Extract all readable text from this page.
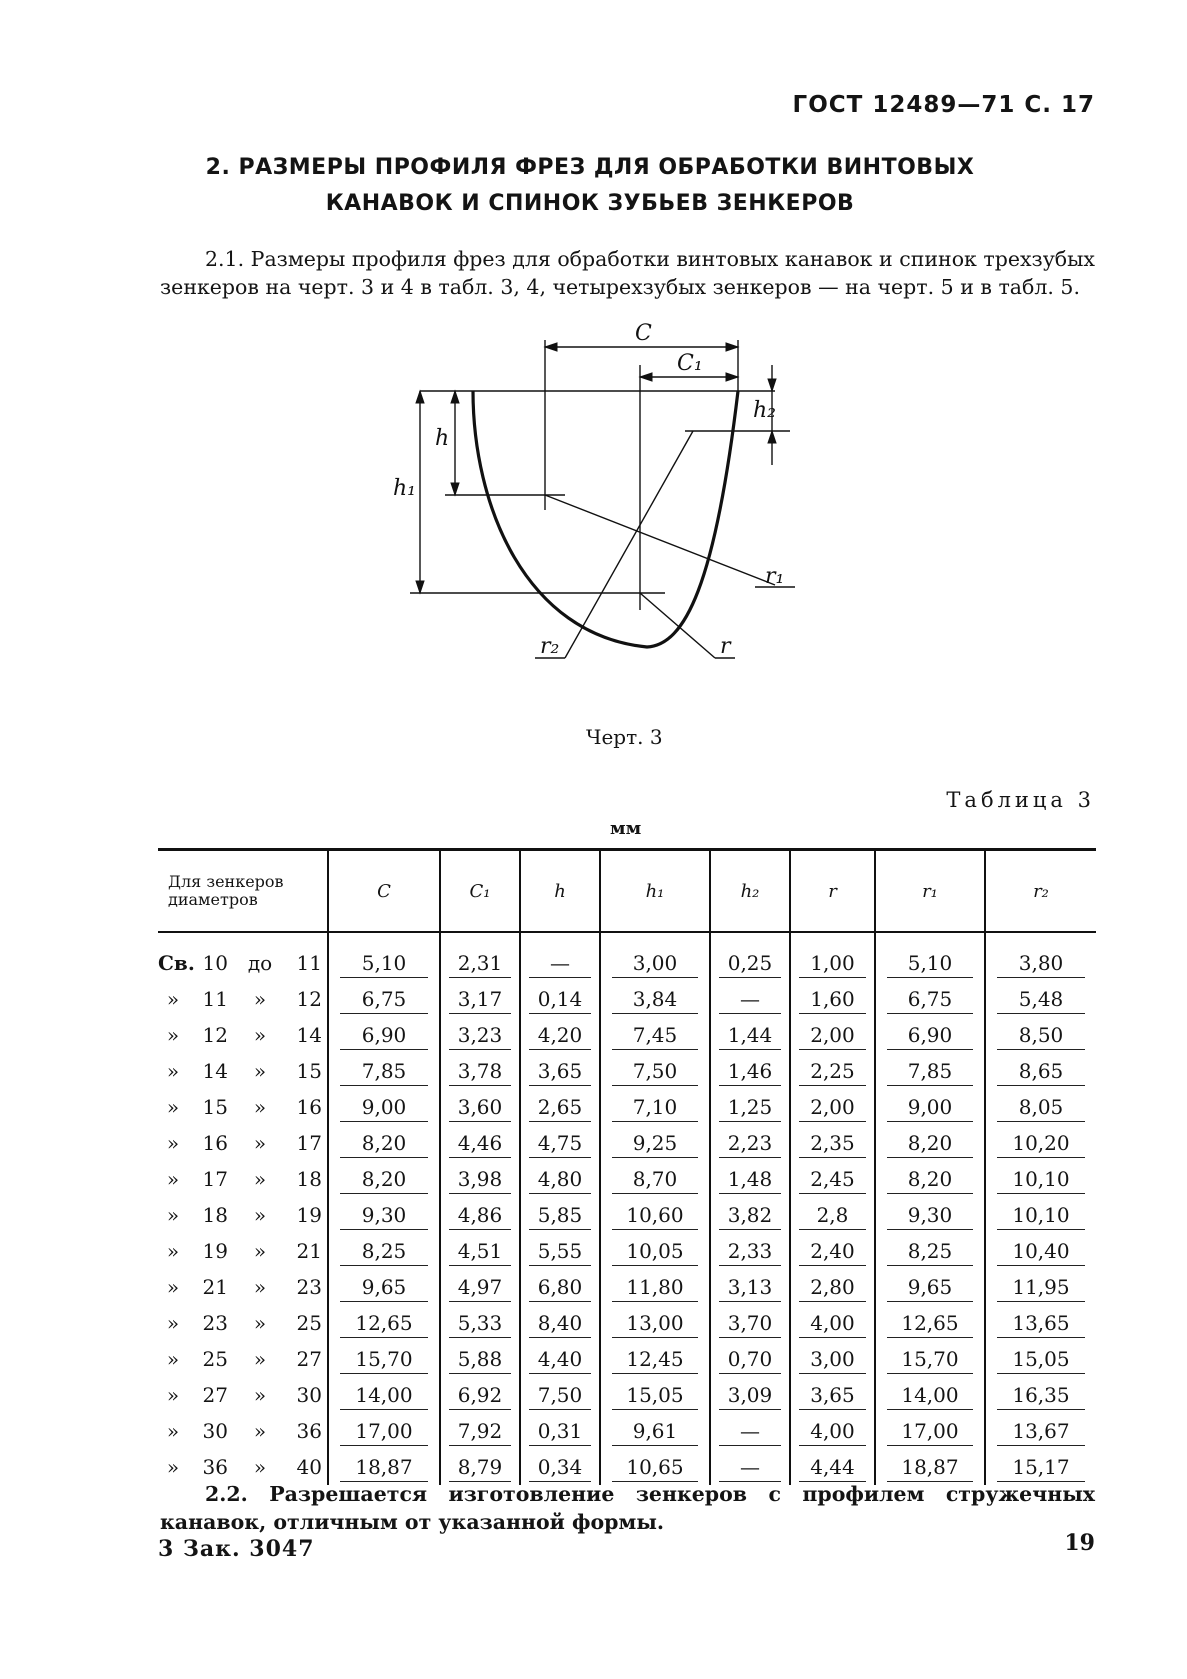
ГОСТ 12489—71 С. 17
2. РАЗМЕРЫ ПРОФИЛЯ ФРЕЗ ДЛЯ ОБРАБОТКИ ВИНТОВЫХ
КАНАВОК И СПИНОК ЗУБЬЕВ ЗЕНКЕРОВ

2.1. Размеры профиля фрез для обработки винтовых канавок и спинок трехзубых зенкеров на черт. 3 и 4 в табл. 3, 4, четырехзубых зенкеров — на черт. 5 и в табл. 5.

C
C₁
h
h₁
h₂
r
r₁
r₂
Черт. 3
Таблица 3
мм
Для зенкеров
диаметров	C	C₁	h	h₁	h₂	r	r₁	r₂

Св. 10 до 11	5,10	2,31	—	3,00	0,25	1,00	5,10	3,80

» 11 » 12	6,75	3,17	0,14	3,84	—	1,60	6,75	5,48

» 12 » 14	6,90	3,23	4,20	7,45	1,44	2,00	6,90	8,50

» 14 » 15	7,85	3,78	3,65	7,50	1,46	2,25	7,85	8,65

» 15 » 16	9,00	3,60	2,65	7,10	1,25	2,00	9,00	8,05

» 16 » 17	8,20	4,46	4,75	9,25	2,23	2,35	8,20	10,20

» 17 » 18	8,20	3,98	4,80	8,70	1,48	2,45	8,20	10,10

» 18 » 19	9,30	4,86	5,85	10,60	3,82	2,8	9,30	10,10

» 19 » 21	8,25	4,51	5,55	10,05	2,33	2,40	8,25	10,40

» 21 » 23	9,65	4,97	6,80	11,80	3,13	2,80	9,65	11,95

» 23 » 25	12,65	5,33	8,40	13,00	3,70	4,00	12,65	13,65

» 25 » 27	15,70	5,88	4,40	12,45	0,70	3,00	15,70	15,05

» 27 » 30	14,00	6,92	7,50	15,05	3,09	3,65	14,00	16,35

» 30 » 36	17,00	7,92	0,31	9,61	—	4,00	17,00	13,67

» 36 » 40	18,87	8,79	0,34	10,65	—	4,44	18,87	15,17

2.2. Разрешается изготовление зенкеров с профилем стружечных канавок, отличным от указанной формы.

3 Зак. 3047	19
